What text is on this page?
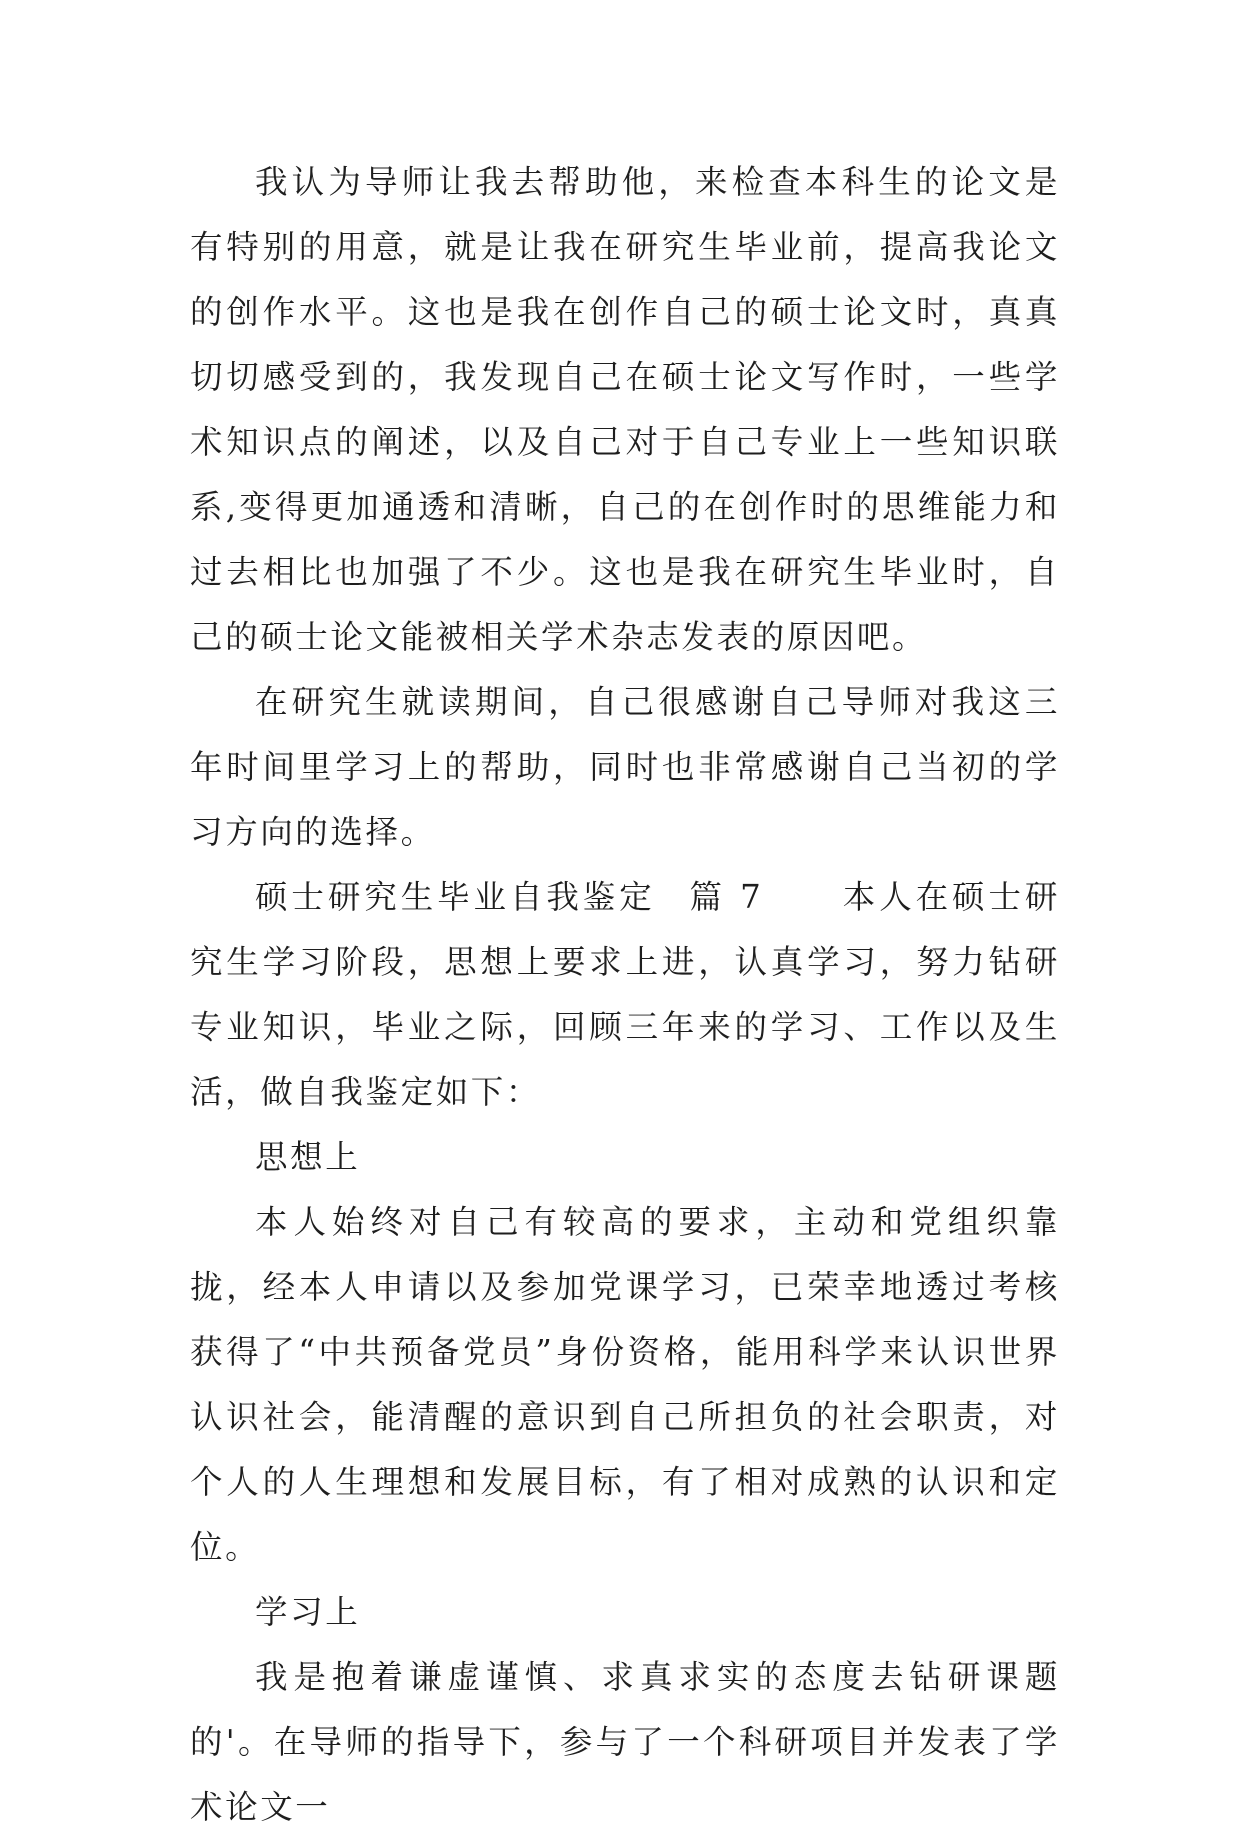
我认为导师让我去帮助他，来检查本科生的论文是有特别的用意，就是让我在研究生毕业前，提高我论文的创作水平。这也是我在创作自己的硕士论文时，真真切切感受到的，我发现自己在硕士论文写作时，一些学术知识点的阐述，以及自己对于自己专业上一些知识联系,变得更加通透和清晰，自己的在创作时的思维能力和过去相比也加强了不少。这也是我在研究生毕业时，自己的硕士论文能被相关学术杂志发表的原因吧。

在研究生就读期间，自己很感谢自己导师对我这三年时间里学习上的帮助，同时也非常感谢自己当初的学习方向的选择。

硕士研究生毕业自我鉴定 篇 7 本人在硕士研究生学习阶段，思想上要求上进，认真学习，努力钻研专业知识，毕业之际，回顾三年来的学习、工作以及生活，做自我鉴定如下：

思想上

本人始终对自己有较高的要求，主动和党组织靠拢，经本人申请以及参加党课学习，已荣幸地透过考核获得了“中共预备党员”身份资格，能用科学来认识世界认识社会，能清醒的意识到自己所担负的社会职责，对个人的人生理想和发展目标，有了相对成熟的认识和定位。

学习上

我是抱着谦虚谨慎、求真求实的态度去钻研课题的'。在导师的指导下，参与了一个科研项目并发表了学术论文一
